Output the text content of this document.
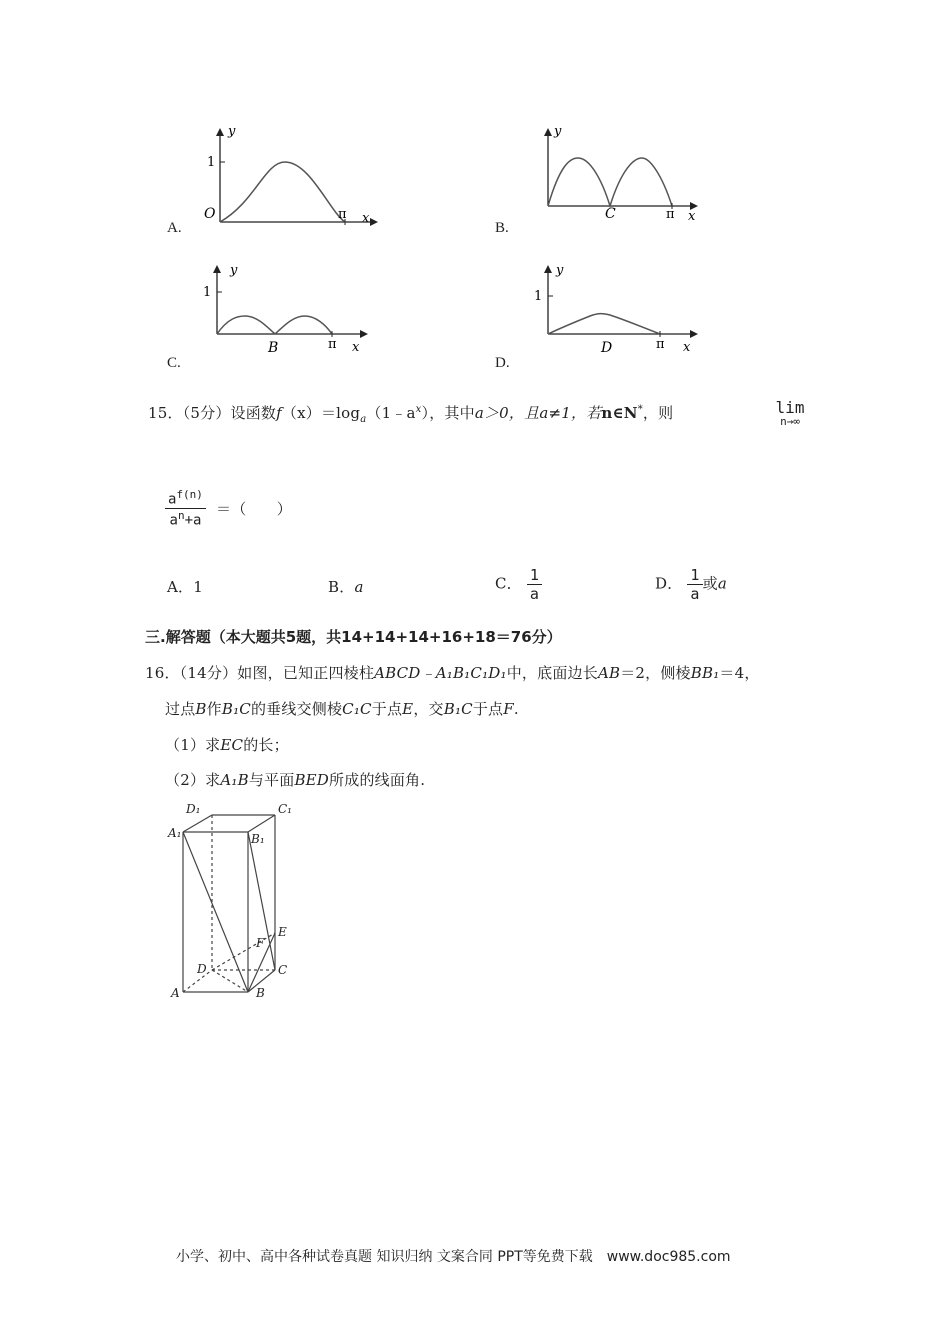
1
y
O	π x
A.
y
C	π x
B.
1
y
B	π x
C.
1
y
D	π x
D.
15．（5分）设函数$f(x)=\log_a(1﹣a^x)$，其中a＞0，且a≠1，若n∈N*，则	lim
n→∞
$\frac{a^{f(n)}}{a^n+a}$ ＝（　　）
A．1	B．a	C． $\frac{1}{a}$	D． $\frac{1}{a}$ 或a
三.解答题（本大题共5题，共14+14+14+16+18＝76分）
16．（14分）如图，已知正四棱柱ABCD﹣A₁B₁C₁D₁中，底面边长AB＝2，侧棱BB₁＝4，
过点B作B₁C的垂线交侧棱C₁C于点E，交B₁C于点F.
（1）求EC的长；
（2）求A₁B与平面BED所成的线面角.
D₁	C₁
A₁	B₁
E
F
D	C
A	B
小学、初中、高中各种试卷真题 知识归纳 文案合同 PPT等免费下载　www.doc985.com
